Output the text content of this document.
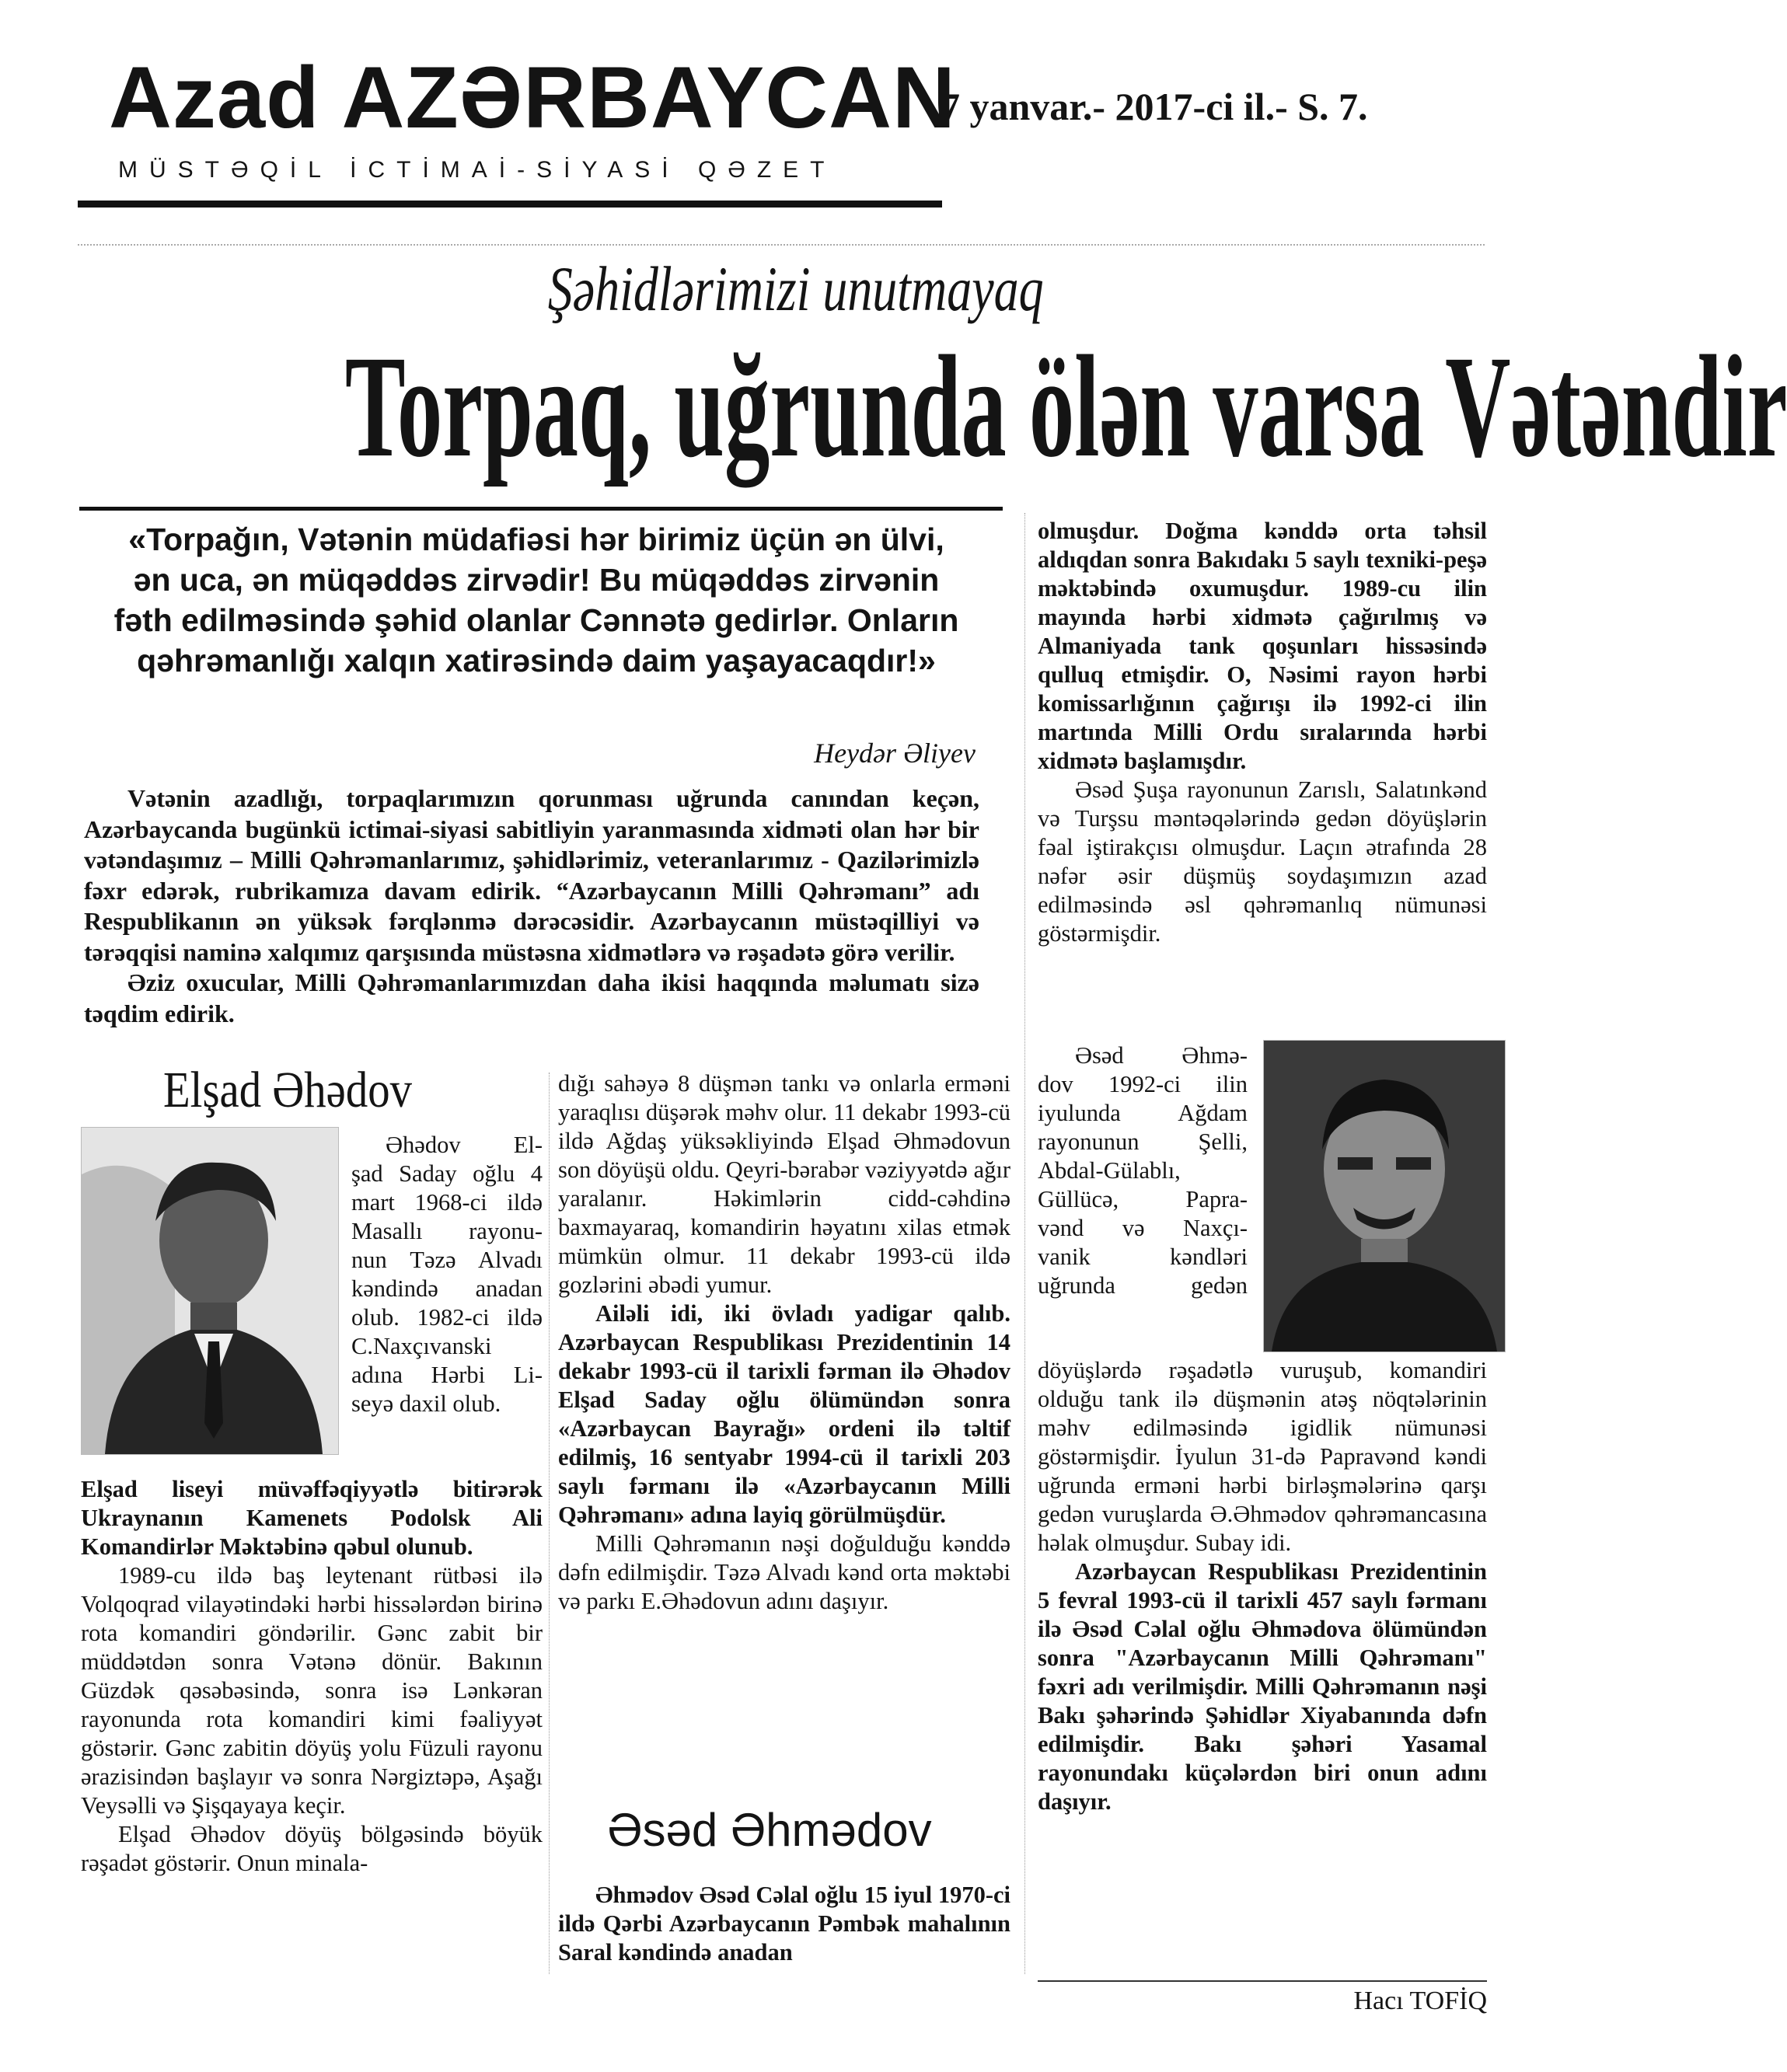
Azad AZƏRBAYCAN
7 yanvar.- 2017-ci il.- S. 7.
MÜSTƏQİL İCTİMAİ-SİYASİ QƏZET
Şəhidlərimizi unutmayaq
Torpaq, uğrunda ölən varsa Vətəndir
«Torpağın, Vətənin müdafiəsi hər birimiz üçün ən ülvi, ən uca, ən müqəddəs zirvədir! Bu müqəddəs zirvənin fəth edilməsində şəhid olanlar Cənnətə gedirlər. Onların qəhrəmanlığı xalqın xatirəsində daim yaşayacaqdır!»
Heydər Əliyev

Vətənin azadlığı, torpaqlarımızın qorunması uğrunda canından keçən, Azərbaycanda bugünkü ictimai-siyasi sabitliyin yaranmasında xidməti olan hər bir vətəndaşımız – Milli Qəhrəmanlarımız, şəhidlərimiz, veteranlarımız - Qazilərimizlə fəxr edərək, rubrikamıza davam edirik. “Azərbaycanın Milli Qəhrəmanı” adı Respublikanın ən yüksək fərqlənmə dərəcəsidir. Azərbaycanın müstəqilliyi və tərəqqisi naminə xalqımız qarşısında müstəsna xidmətlərə və rəşadətə görə verilir.

Əziz oxucular, Milli Qəhrəmanlarımızdan daha ikisi haqqında məlumatı sizə təqdim edirik.

Elşad Əhədov
Əhədov El-
şad Saday oğlu 4
mart 1968-ci ildə
Masallı rayonu-
nun Təzə Alvadı
kəndində anadan
olub. 1982-ci ildə
C.Naxçıvanski
adına Hərbi Li-
seyə daxil olub.

Elşad liseyi müvəffəqiyyətlə bitirərək Ukraynanın Kamenets Podolsk Ali Komandirlər Məktəbinə qəbul olunub.

1989-cu ildə baş leytenant rütbəsi ilə Volqoqrad vilayətindəki hərbi hissələrdən birinə rota komandiri göndərilir. Gənc zabit bir müddətdən sonra Vətənə dönür. Bakının Güzdək qəsəbəsində, sonra isə Lənkəran rayonunda rota komandiri kimi fəaliyyət göstərir. Gənc zabitin döyüş yolu Füzuli rayonu ərazisindən başlayır və sonra Nərgiztəpə, Aşağı Veysəlli və Şişqayaya keçir.

Elşad Əhədov döyüş bölgəsində böyük rəşadət göstərir. Onun minala-

dığı sahəyə 8 düşmən tankı və onlarla erməni yaraqlısı düşərək məhv olur. 11 dekabr 1993-cü ildə Ağdaş yüksəkliyində Elşad Əhmədovun son döyüşü oldu. Qeyri-bərabər vəziyyətdə ağır yaralanır. Həkimlərin cidd-cəhdinə baxmayaraq, komandirin həyatını xilas etmək mümkün olmur. 11 dekabr 1993-cü ildə gozlərini əbədi yumur.

Ailəli idi, iki övladı yadigar qalıb. Azərbaycan Respublikası Prezidentinin 14 dekabr 1993-cü il tarixli fərman ilə Əhədov Elşad Saday oğlu ölümündən sonra «Azərbaycan Bayrağı» ordeni ilə təltif edilmiş, 16 sentyabr 1994-cü il tarixli 203 saylı fərmanı ilə «Azərbaycanın Milli Qəhrəmanı» adına layiq görülmüşdür.

Milli Qəhrəmanın nəşi doğulduğu kənddə dəfn edilmişdir. Təzə Alvadı kənd orta məktəbi və parkı E.Əhədovun adını daşıyır.

Əsəd Əhmədov

Əhmədov Əsəd Cəlal oğlu 15 iyul 1970-ci ildə Qərbi Azərbaycanın Pəmbək mahalının Saral kəndində anadan

olmuşdur. Doğma kənddə orta təhsil aldıqdan sonra Bakıdakı 5 saylı texniki-peşə məktəbində oxumuşdur. 1989-cu ilin mayında hərbi xidmətə çağırılmış və Almaniyada tank qoşunları hissəsində qulluq etmişdir. O, Nəsimi rayon hərbi komissarlığının çağırışı ilə 1992-ci ilin martında Milli Ordu sıralarında hərbi xidmətə başlamışdır.

Əsəd Şuşa rayonunun Zarıslı, Salatınkənd və Turşsu məntəqələrində gedən döyüşlərin fəal iştirakçısı olmuşdur. Laçın ətrafında 28 nəfər əsir düşmüş soydaşımızın azad edilməsində əsl qəhrəmanlıq nümunəsi göstərmişdir.

Əsəd Əhmə-
dov 1992-ci ilin
iyulunda Ağdam
rayonunun Şelli,
Abdal-Gülablı,
Güllücə, Papra-
vənd və Naxçı-
vanik kəndləri
uğrunda gedən

döyüşlərdə rəşadətlə vuruşub, komandiri olduğu tank ilə düşmənin atəş nöqtələrinin məhv edilməsində igidlik nümunəsi göstərmişdir. İyulun 31-də Papravənd kəndi uğrunda erməni hərbi birləşmələrinə qarşı gedən vuruşlarda Ə.Əhmədov qəhrəmancasına həlak olmuşdur. Subay idi.

Azərbaycan Respublikası Prezidentinin 5 fevral 1993-cü il tarixli 457 saylı fərmanı ilə Əsəd Cəlal oğlu Əhmədova ölümündən sonra "Azərbaycanın Milli Qəhrəmanı" fəxri adı verilmişdir. Milli Qəhrəmanın nəşi Bakı şəhərində Şəhidlər Xiyabanında dəfn edilmişdir. Bakı şəhəri Yasamal rayonundakı küçələrdən biri onun adını daşıyır.

Hacı TOFİQ
